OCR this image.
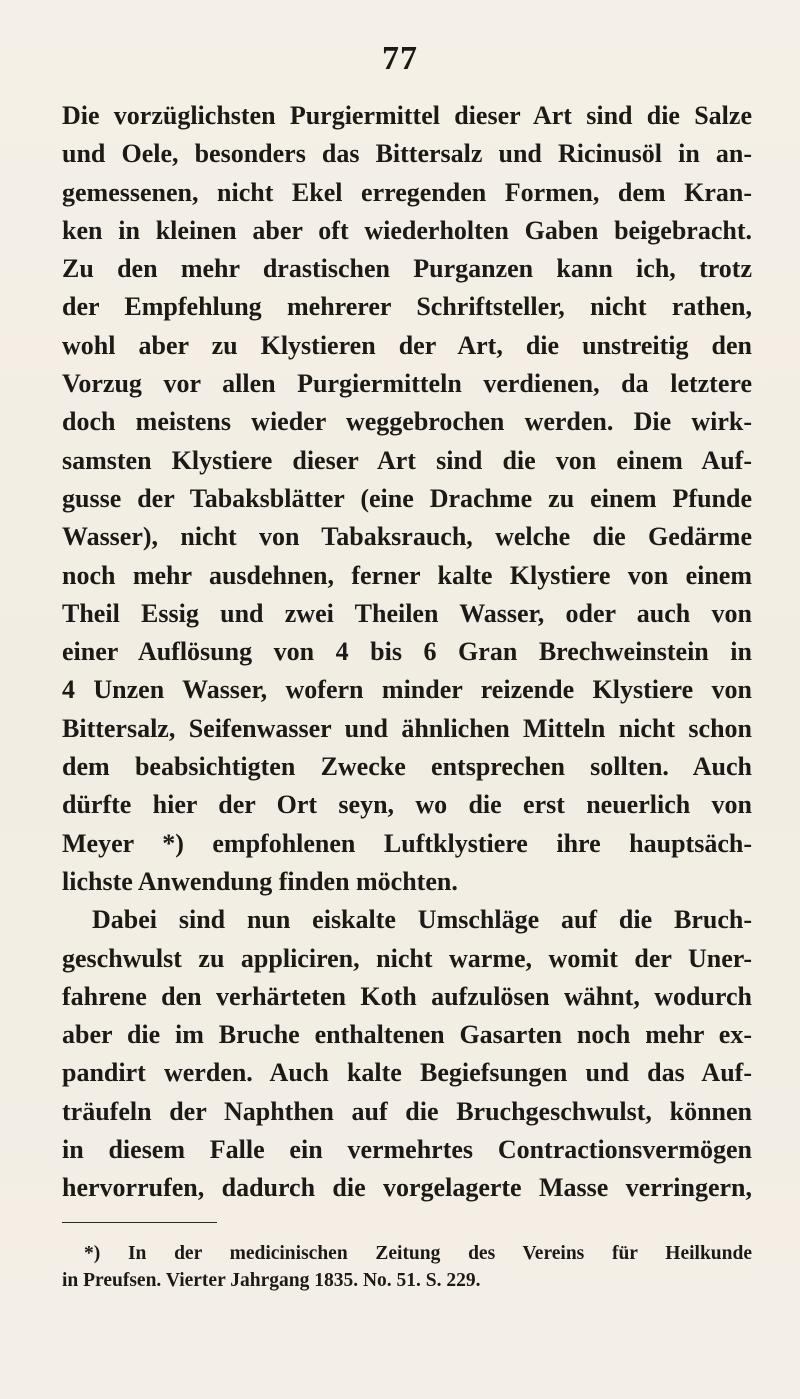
77
Die vorzüglichsten Purgiermittel dieser Art sind die Salze
und Oele, besonders das Bittersalz und Ricinusöl in an-
gemessenen, nicht Ekel erregenden Formen, dem Kran-
ken in kleinen aber oft wiederholten Gaben beigebracht.
Zu den mehr drastischen Purganzen kann ich, trotz
der Empfehlung mehrerer Schriftsteller, nicht rathen,
wohl aber zu Klystieren der Art, die unstreitig den
Vorzug vor allen Purgiermitteln verdienen, da letztere
doch meistens wieder weggebrochen werden. Die wirk-
samsten Klystiere dieser Art sind die von einem Auf-
gusse der Tabaksblätter (eine Drachme zu einem Pfunde
Wasser), nicht von Tabaksrauch, welche die Gedärme
noch mehr ausdehnen, ferner kalte Klystiere von einem
Theil Essig und zwei Theilen Wasser, oder auch von
einer Auflösung von 4 bis 6 Gran Brechweinstein in
4 Unzen Wasser, wofern minder reizende Klystiere von
Bittersalz, Seifenwasser und ähnlichen Mitteln nicht schon
dem beabsichtigten Zwecke entsprechen sollten. Auch
dürfte hier der Ort seyn, wo die erst neuerlich von
Meyer *) empfohlenen Luftklystiere ihre hauptsäch-
lichste Anwendung finden möchten.
Dabei sind nun eiskalte Umschläge auf die Bruch-
geschwulst zu appliciren, nicht warme, womit der Uner-
fahrene den verhärteten Koth aufzulösen wähnt, wodurch
aber die im Bruche enthaltenen Gasarten noch mehr ex-
pandirt werden. Auch kalte Begiefsungen und das Auf-
träufeln der Naphthen auf die Bruchgeschwulst, können
in diesem Falle ein vermehrtes Contractionsvermögen
hervorrufen, dadurch die vorgelagerte Masse verringern,
*) In der medicinischen Zeitung des Vereins für Heilkunde
in Preufsen. Vierter Jahrgang 1835. No. 51. S. 229.
